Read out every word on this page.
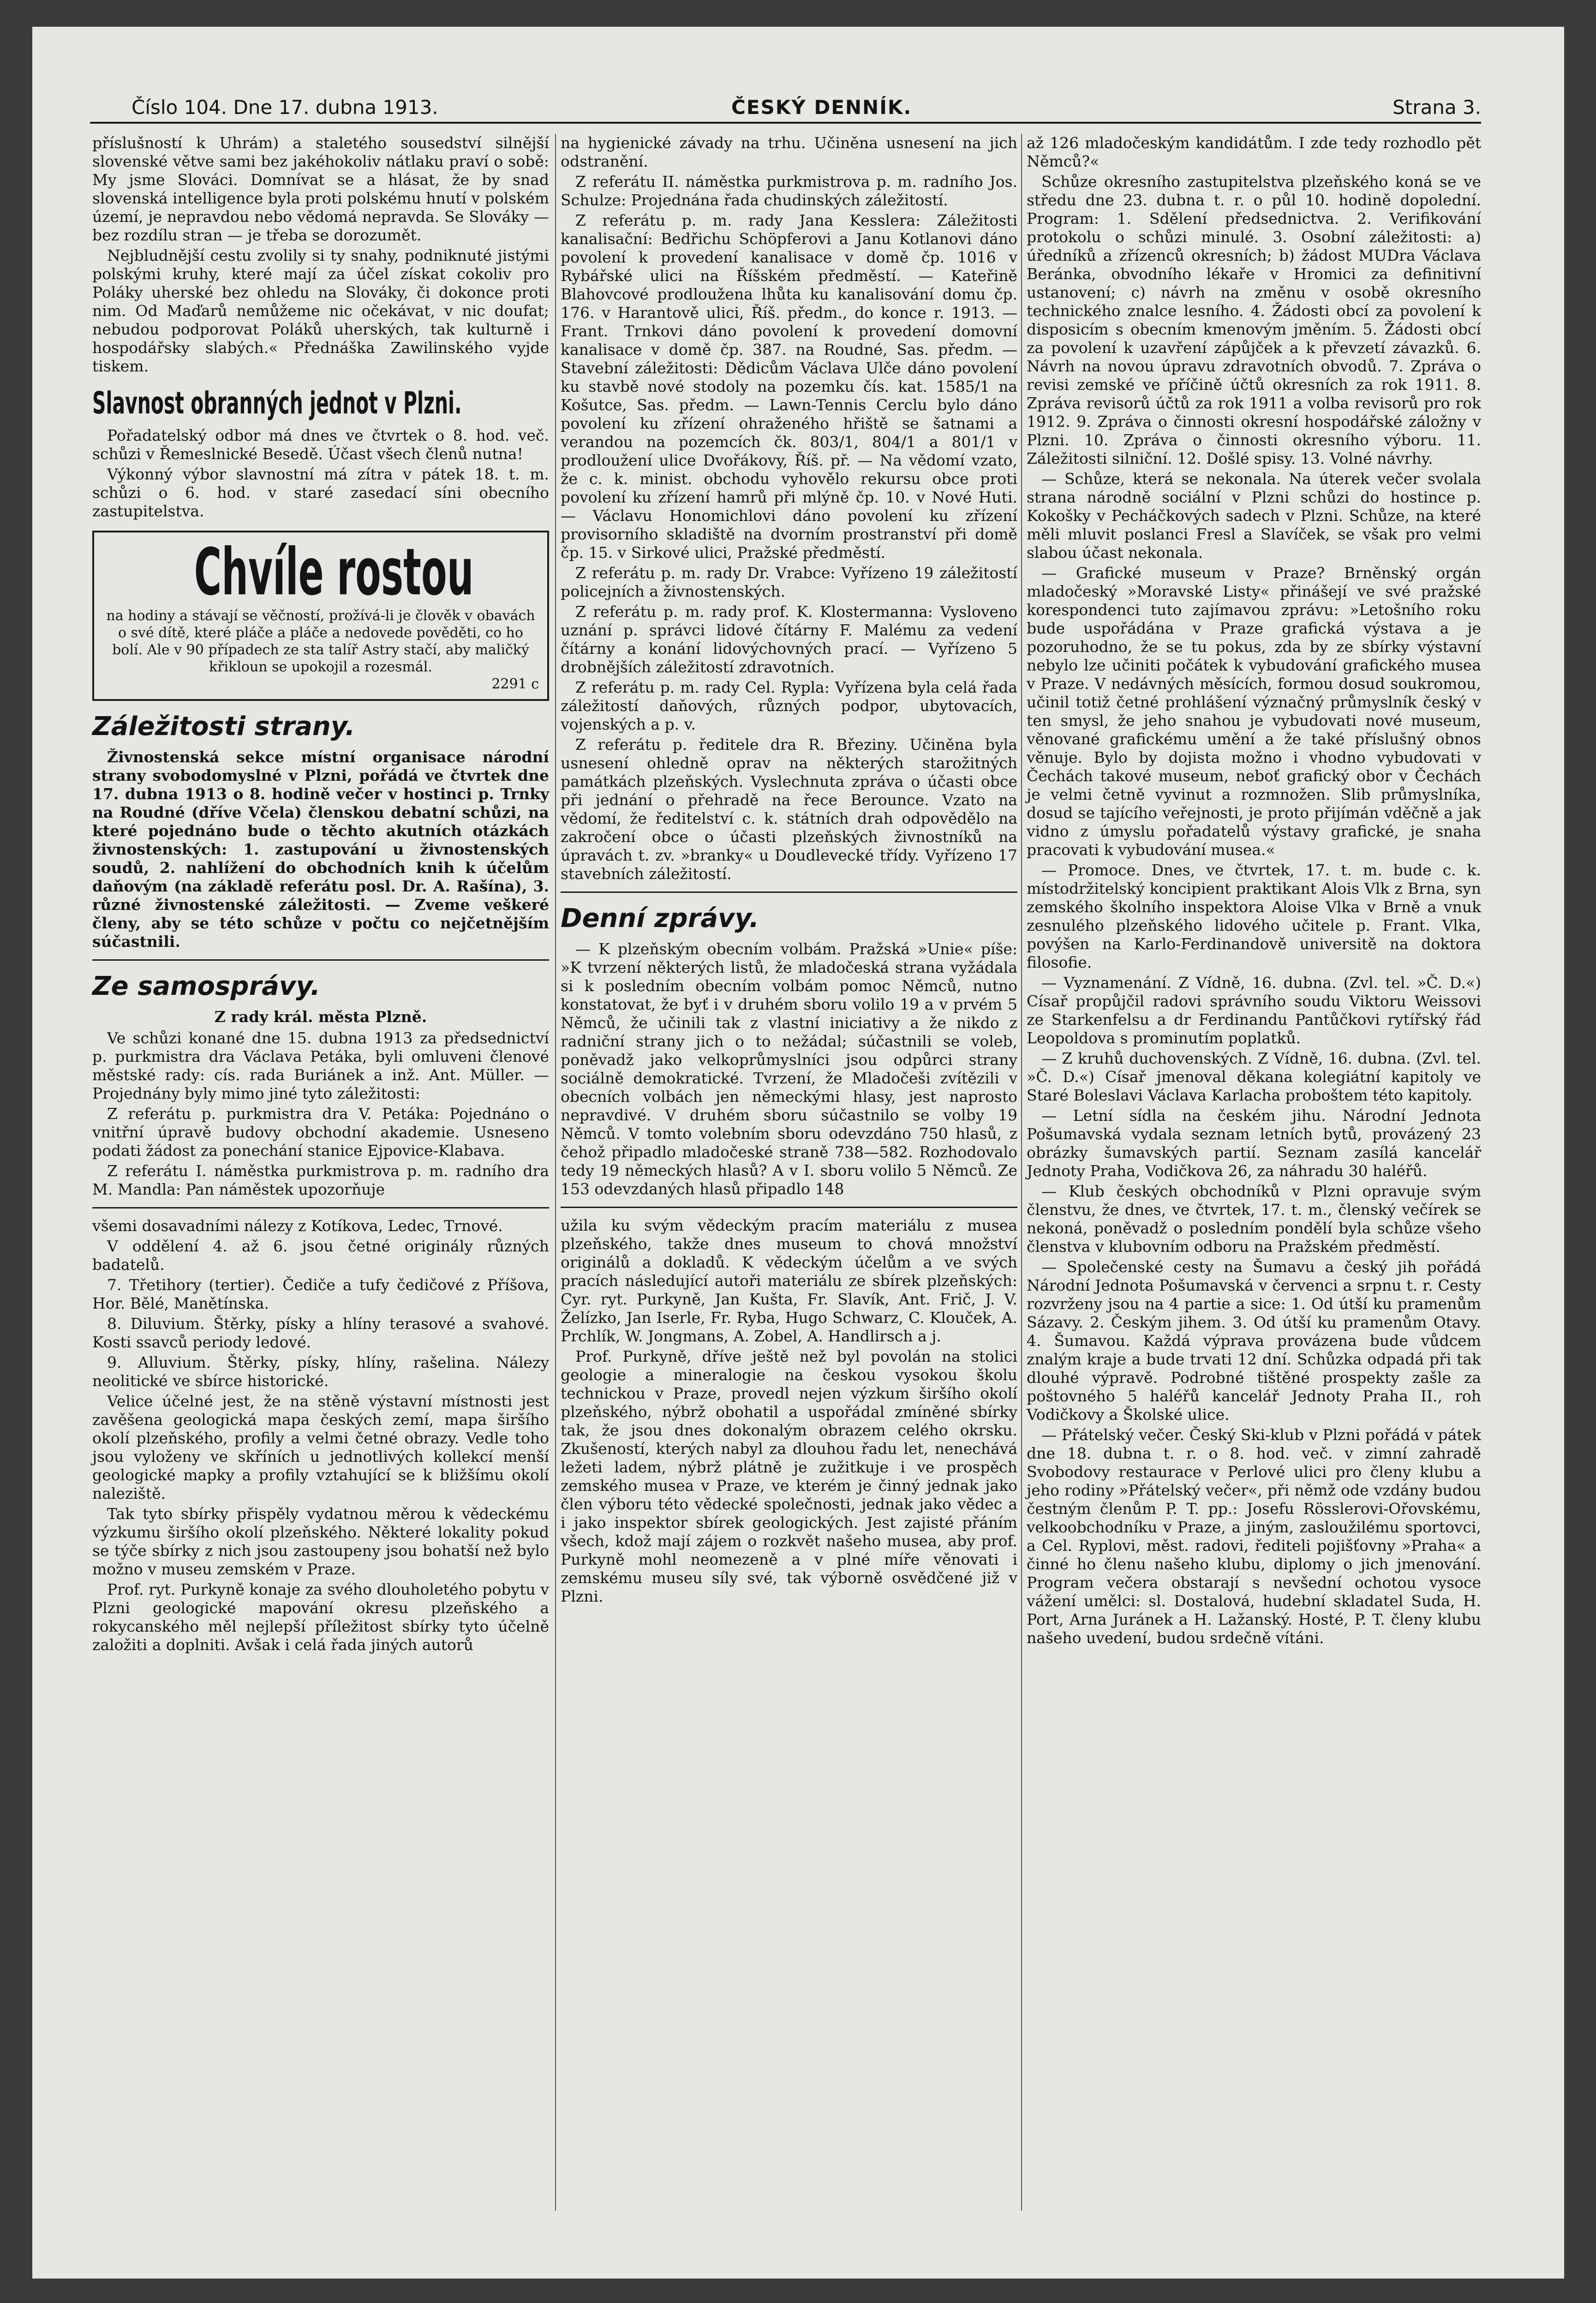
Číslo 104. Dne 17. dubna 1913.	ČESKÝ DENNÍK.	Strana 3.

příslušností k Uhrám) a staletého sousedství silnější slovenské větve sami bez jakéhokoliv nátlaku praví o sobě: My jsme Slováci. Domnívat se a hlásat, že by snad slovenská intelligence byla proti polskému hnutí v polském území, je nepravdou nebo vědomá nepravda. Se Slováky — bez rozdílu stran — je třeba se dorozumět.

Nejbludnější cestu zvolily si ty snahy, podniknuté jistými polskými kruhy, které mají za účel získat cokoliv pro Poláky uherské bez ohledu na Slováky, či dokonce proti nim. Od Maďarů nemůžeme nic očekávat, v nic doufat; nebudou podporovat Poláků uherských, tak kulturně i hospodářsky slabých.« Přednáška Zawilinského vyjde tiskem.

Slavnost obranných jednot v Plzni.

Pořadatelský odbor má dnes ve čtvrtek o 8. hod. več. schůzi v Řemeslnické Besedě. Účast všech členů nutna!

Výkonný výbor slavnostní má zítra v pátek 18. t. m. schůzi o 6. hod. v staré zasedací síni obecního zastupitelstva.

Chvíle rostou
na hodiny a stávají se věčností, prožívá-li je člověk v obavách o své dítě, které pláče a pláče a nedovede pověděti, co ho bolí. Ale v 90 případech ze sta talíř Astry stačí, aby maličký křikloun se upokojil a rozesmál.
2291 c
Záležitosti strany.

Živnostenská sekce místní organisace národní strany svobodomyslné v Plzni, pořádá ve čtvrtek dne 17. dubna 1913 o 8. hodině večer v hostinci p. Trnky na Roudné (dříve Včela) členskou debatní schůzi, na které pojednáno bude o těchto akutních otázkách živnostenských: 1. zastupování u živnostenských soudů, 2. nahlížení do obchodních knih k účelům daňovým (na základě referátu posl. Dr. A. Rašína), 3. různé živnostenské záležitosti. — Zveme veškeré členy, aby se této schůze v počtu co nejčetnějším súčastnili.

Ze samosprávy.
Z rady král. města Plzně.

Ve schůzi konané dne 15. dubna 1913 za předsednictví p. purkmistra dra Václava Petáka, byli omluveni členové městské rady: cís. rada Buriánek a inž. Ant. Müller. — Projednány byly mimo jiné tyto záležitosti:

Z referátu p. purkmistra dra V. Petáka: Pojednáno o vnitřní úpravě budovy obchodní akademie. Usneseno podati žádost za ponechání stanice Ejpovice-Klabava.

Z referátu I. náměstka purkmistrova p. m. radního dra M. Mandla: Pan náměstek upozorňuje

všemi dosavadními nálezy z Kotíkova, Ledec, Trnové.

V oddělení 4. až 6. jsou četné originály různých badatelů.

7. Třetihory (tertier). Čediče a tufy čedičové z Příšova, Hor. Bělé, Manětínska.

8. Diluvium. Štěrky, písky a hlíny terasové a svahové. Kosti ssavců periody ledové.

9. Alluvium. Štěrky, písky, hlíny, rašelina. Nálezy neolitické ve sbírce historické.

Velice účelné jest, že na stěně výstavní místnosti jest zavěšena geologická mapa českých zemí, mapa širšího okolí plzeňského, profily a velmi četné obrazy. Vedle toho jsou vyloženy ve skříních u jednotlivých kollekcí menší geologické mapky a profily vztahující se k bližšímu okolí naleziště.

Tak tyto sbírky přispěly vydatnou měrou k vědeckému výzkumu širšího okolí plzeňského. Některé lokality pokud se týče sbírky z nich jsou zastoupeny jsou bohatší než bylo možno v museu zemském v Praze.

Prof. ryt. Purkyně konaje za svého dlouholetého pobytu v Plzni geologické mapování okresu plzeňského a rokycanského měl nejlepší příležitost sbírky tyto účelně založiti a doplniti. Avšak i celá řada jiných autorů

na hygienické závady na trhu. Učiněna usnesení na jich odstranění.

Z referátu II. náměstka purkmistrova p. m. radního Jos. Schulze: Projednána řada chudinských záležitostí.

Z referátu p. m. rady Jana Kesslera: Záležitosti kanalisační: Bedřichu Schöpferovi a Janu Kotlanovi dáno povolení k provedení kanalisace v domě čp. 1016 v Rybářské ulici na Říšském předměstí. — Kateřině Blahovcové prodloužena lhůta ku kanalisování domu čp. 176. v Harantově ulici, Říš. předm., do konce r. 1913. — Frant. Trnkovi dáno povolení k provedení domovní kanalisace v domě čp. 387. na Roudné, Sas. předm. — Stavební záležitosti: Dědicům Václava Ulče dáno povolení ku stavbě nové stodoly na pozemku čís. kat. 1585/1 na Košutce, Sas. předm. — Lawn-Tennis Cerclu bylo dáno povolení ku zřízení ohraženého hřiště se šatnami a verandou na pozemcích čk. 803/1, 804/1 a 801/1 v prodloužení ulice Dvořákovy, Říš. př. — Na vědomí vzato, že c. k. minist. obchodu vyhovělo rekursu obce proti povolení ku zřízení hamrů při mlýně čp. 10. v Nové Huti. — Václavu Honomichlovi dáno povolení ku zřízení provisorního skladiště na dvorním prostranství při domě čp. 15. v Sirkové ulici, Pražské předměstí.

Z referátu p. m. rady Dr. Vrabce: Vyřízeno 19 záležitostí policejních a živnostenských.

Z referátu p. m. rady prof. K. Klostermanna: Vysloveno uznání p. správci lidové čítárny F. Malému za vedení čítárny a konání lidovýchovných prací. — Vyřízeno 5 drobnějších záležitostí zdravotních.

Z referátu p. m. rady Cel. Rypla: Vyřízena byla celá řada záležitostí daňových, různých podpor, ubytovacích, vojenských a p. v.

Z referátu p. ředitele dra R. Březiny. Učiněna byla usnesení ohledně oprav na některých starožitných památkách plzeňských. Vyslechnuta zpráva o účasti obce při jednání o přehradě na řece Berounce. Vzato na vědomí, že ředitelství c. k. státních drah odpovědělo na zakročení obce o účasti plzeňských živnostníků na úpravách t. zv. »branky« u Doudlevecké třídy. Vyřízeno 17 stavebních záležitostí.

Denní zprávy.

— K plzeňským obecním volbám. Pražská »Unie« píše: »K tvrzení některých listů, že mladočeská strana vyžádala si k posledním obecním volbám pomoc Němců, nutno konstatovat, že byť i v druhém sboru volilo 19 a v prvém 5 Němců, že učinili tak z vlastní iniciativy a že nikdo z radniční strany jich o to nežádal; súčastnili se voleb, poněvadž jako velkoprůmyslníci jsou odpůrci strany sociálně demokratické. Tvrzení, že Mladočeši zvítězili v obecních volbách jen německými hlasy, jest naprosto nepravdivé. V druhém sboru súčastnilo se volby 19 Němců. V tomto volebním sboru odevzdáno 750 hlasů, z čehož připadlo mladočeské straně 738—582. Rozhodovalo tedy 19 německých hlasů? A v I. sboru volilo 5 Němců. Ze 153 odevzdaných hlasů připadlo 148

užila ku svým vědeckým pracím materiálu z musea plzeňského, takže dnes museum to chová množství originálů a dokladů. K vědeckým účelům a ve svých pracích následující autoři materiálu ze sbírek plzeňských: Cyr. ryt. Purkyně, Jan Kušta, Fr. Slavík, Ant. Frič, J. V. Želízko, Jan Iserle, Fr. Ryba, Hugo Schwarz, C. Klouček, A. Prchlík, W. Jongmans, A. Zobel, A. Handlirsch a j.

Prof. Purkyně, dříve ještě než byl povolán na stolici geologie a mineralogie na českou vysokou školu technickou v Praze, provedl nejen výzkum širšího okolí plzeňského, nýbrž obohatil a uspořádal zmíněné sbírky tak, že jsou dnes dokonalým obrazem celého okrsku. Zkušeností, kterých nabyl za dlouhou řadu let, nenechává ležeti ladem, nýbrž plátně je zužitkuje i ve prospěch zemského musea v Praze, ve kterém je činný jednak jako člen výboru této vědecké společnosti, jednak jako vědec a i jako inspektor sbírek geologických. Jest zajisté přáním všech, kdož mají zájem o rozkvět našeho musea, aby prof. Purkyně mohl neomezeně a v plné míře věnovati i zemskému museu síly své, tak výborně osvědčené již v Plzni.

až 126 mladočeským kandidátům. I zde tedy rozhodlo pět Němců?«

Schůze okresního zastupitelstva plzeňského koná se ve středu dne 23. dubna t. r. o půl 10. hodině dopolední. Program: 1. Sdělení předsednictva. 2. Verifikování protokolu o schůzi minulé. 3. Osobní záležitosti: a) úředníků a zřízenců okresních; b) žádost MUDra Václava Beránka, obvodního lékaře v Hromici za definitivní ustanovení; c) návrh na změnu v osobě okresního technického znalce lesního. 4. Žádosti obcí za povolení k disposicím s obecním kmenovým jměním. 5. Žádosti obcí za povolení k uzavření zápůjček a k převzetí závazků. 6. Návrh na novou úpravu zdravotních obvodů. 7. Zpráva o revisi zemské ve příčině účtů okresních za rok 1911. 8. Zpráva revisorů účtů za rok 1911 a volba revisorů pro rok 1912. 9. Zpráva o činnosti okresní hospodářské záložny v Plzni. 10. Zpráva o činnosti okresního výboru. 11. Záležitosti silniční. 12. Došlé spisy. 13. Volné návrhy.

— Schůze, která se nekonala. Na úterek večer svolala strana národně sociální v Plzni schůzi do hostince p. Kokošky v Pecháčkových sadech v Plzni. Schůze, na které měli mluvit poslanci Fresl a Slavíček, se však pro velmi slabou účast nekonala.

— Grafické museum v Praze? Brněnský orgán mladočeský »Moravské Listy« přinášejí ve své pražské korespondenci tuto zajímavou zprávu: »Letošního roku bude uspořádána v Praze grafická výstava a je pozoruhodno, že se tu pokus, zda by ze sbírky výstavní nebylo lze učiniti počátek k vybudování grafického musea v Praze. V nedávných měsících, formou dosud soukromou, učinil totiž četné prohlášení význačný průmyslník český v ten smysl, že jeho snahou je vybudovati nové museum, věnované grafickému umění a že také příslušný obnos věnuje. Bylo by dojista možno i vhodno vybudovati v Čechách takové museum, neboť grafický obor v Čechách je velmi četně vyvinut a rozmnožen. Slib průmyslníka, dosud se tajícího veřejnosti, je proto přijímán vděčně a jak vidno z úmyslu pořadatelů výstavy grafické, je snaha pracovati k vybudování musea.«

— Promoce. Dnes, ve čtvrtek, 17. t. m. bude c. k. místodržitelský koncipient praktikant Alois Vlk z Brna, syn zemského školního inspektora Aloise Vlka v Brně a vnuk zesnulého plzeňského lidového učitele p. Frant. Vlka, povýšen na Karlo-Ferdinandově universitě na doktora filosofie.

— Vyznamenání. Z Vídně, 16. dubna. (Zvl. tel. »Č. D.«) Císař propůjčil radovi správního soudu Viktoru Weissovi ze Starkenfelsu a dr Ferdinandu Pantůčkovi rytířský řád Leopoldova s prominutím poplatků.

— Z kruhů duchovenských. Z Vídně, 16. dubna. (Zvl. tel. »Č. D.«) Císař jmenoval děkana kolegiátní kapitoly ve Staré Boleslavi Václava Karlacha proboštem této kapitoly.

— Letní sídla na českém jihu. Národní Jednota Pošumavská vydala seznam letních bytů, provázený 23 obrázky šumavských partií. Seznam zasílá kancelář Jednoty Praha, Vodičkova 26, za náhradu 30 haléřů.

— Klub českých obchodníků v Plzni opravuje svým členstvu, že dnes, ve čtvrtek, 17. t. m., členský večírek se nekoná, poněvadž o posledním pondělí byla schůze všeho členstva v klubovním odboru na Pražském předměstí.

— Společenské cesty na Šumavu a český jih pořádá Národní Jednota Pošumavská v červenci a srpnu t. r. Cesty rozvrženy jsou na 4 partie a sice: 1. Od útší ku pramenům Sázavy. 2. Českým jihem. 3. Od útší ku pramenům Otavy. 4. Šumavou. Každá výprava provázena bude vůdcem znalým kraje a bude trvati 12 dní. Schůzka odpadá při tak dlouhé výpravě. Podrobné tištěné prospekty zašle za poštovného 5 haléřů kancelář Jednoty Praha II., roh Vodičkovy a Školské ulice.

— Přátelský večer. Český Ski-klub v Plzni pořádá v pátek dne 18. dubna t. r. o 8. hod. več. v zimní zahradě Svobodovy restaurace v Perlové ulici pro členy klubu a jeho rodiny »Přátelský večer«, při němž ode vzdány budou čestným členům P. T. pp.: Josefu Rösslerovi-Ořovskému, velkoobchodníku v Praze, a jiným, zasloužilému sportovci, a Cel. Ryplovi, měst. radovi, řediteli pojišťovny »Praha« a činné ho členu našeho klubu, diplomy o jich jmenování. Program večera obstarají s nevšední ochotou vysoce vážení umělci: sl. Dostalová, hudební skladatel Suda, H. Port, Arna Juránek a H. Lažanský. Hosté, P. T. členy klubu našeho uvedení, budou srdečně vítáni.
